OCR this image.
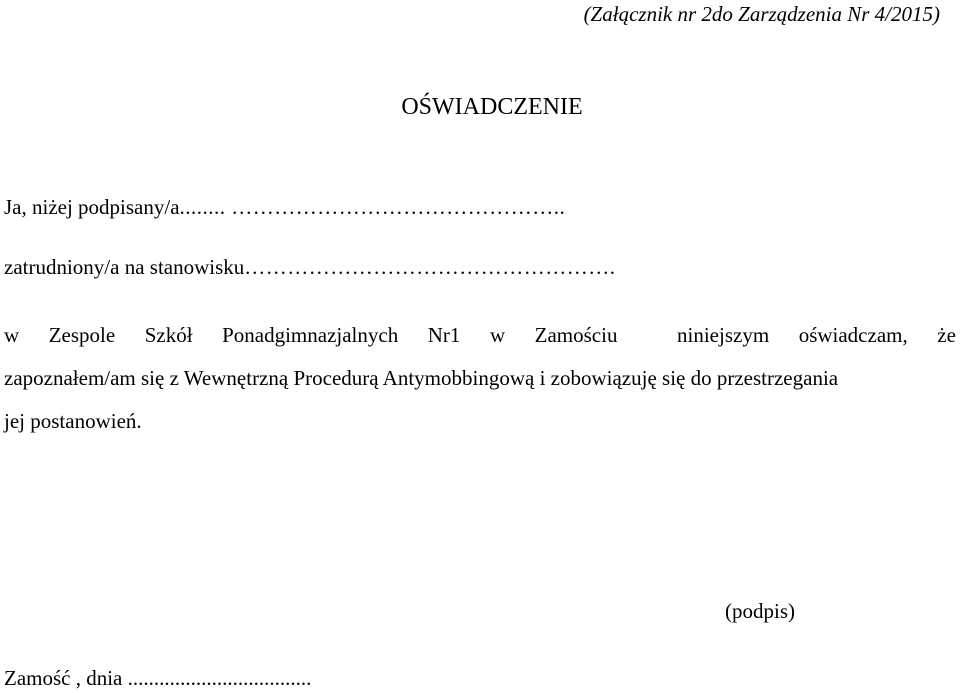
(Załącznik nr 2do Zarządzenia Nr 4/2015)
OŚWIADCZENIE
Ja, niżej podpisany/a........ ………………………………………..
zatrudniony/a na stanowisku…………………………………………….
w Zespole Szkół Ponadgimnazjalnych Nr1 w Zamościu	niniejszym oświadczam, że
zapoznałem/am się z Wewnętrzną Procedurą Antymobbingową i zobowiązuję się do przestrzegania
jej postanowień.
(podpis)
Zamość , dnia ...................................
